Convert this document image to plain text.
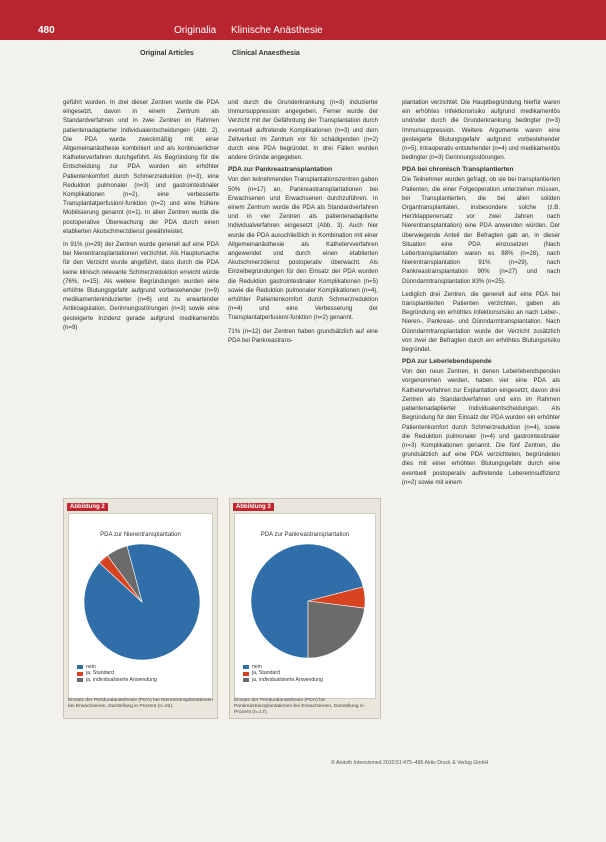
480	Originalia Klinische Anästhesie
Original Articles	Clinical Anaesthesia

geführt wurden. In drei dieser Zentren wurde die PDA eingesetzt, davon in einem Zentrum als Standardverfahren und in zwei Zentren im Rahmen patientenadaptierter Individualentscheidungen (Abb. 2). Die PDA wurde zweckmäßig mit einer Allgemeinanästhesie kombiniert und als kontinuierlicher Katheterverfahren durchgeführt. Als Begründung für die Entscheidung zur PDA wurden ein erhöhter Patientenkomfort durch Schmerzreduktion (n=3), eine Reduktion pulmonaler (n=3) und gastrointestinaler Komplikationen (n=2), eine verbesserte Transplantatperfusion/-funktion (n=2) und eine frühere Mobilisierung genannt (n=1). In allen Zentren wurde die postoperative Überwachung der PDA durch einen etablierten Akutschmerzdienst gewährleistet.

In 91% (n=29) der Zentren wurde generell auf eine PDA bei Nierentransplantationen verzichtet. Als Hauptursache für den Verzicht wurde angeführt, dass durch die PDA keine klinisch relevante Schmerzreduktion erreicht würde (76%, n=15). Als weitere Begründungen wurden eine erhöhte Blutungsgefahr aufgrund vorbestehender (n=9) medikamenteninduzierter (n=6) und zu erwartender Antikoagulation, Gerinnungsstörungen (n=3) sowie eine gesteigerte Inzidenz gerade aufgrund medikamentös (n=9)

und durch die Grunderkrankung (n=3) induzierter Immunsuppression angegeben. Ferner wurde der Verzicht mit der Gefährdung der Transplantation durch eventuell auftretende Komplikationen (n=3) und dem Zeitverlust im Zentrum vor für schädigenden (n=2) durch eine PDA begründet. In drei Fällen wurden andere Gründe angegeben.

PDA zur Pankreastransplantation

Von den teilnehmenden Transplantationszentren gaben 50% (n=17) an, Pankreastransplantationen bei Erwachsenen und Erwachsenen durchzuführen. In einem Zentrum wurde die PDA als Standardverfahren und in vier Zentren als patientenadaptierte Individualverfahren eingesetzt (Abb. 3). Auch hier wurde die PDA ausschließlich in Kombination mit einer Allgemeinanästhesie als Kathetervverfahren angewendet und durch einen etablierten Akutschmerzdienst postoperativ überwacht. Als Einzelbegründungen für den Einsatz der PDA wurden die Reduktion gastrointestinaler Komplikationen (n=5) sowie die Reduktion pulmonaler Komplikationen (n=4), erhöhter Patientenkomfort durch Schmerzreduktion (n=4) und eine Verbesserung der Transplantatperfusion/-funktion (n=2) genannt.

71% (n=12) der Zentren haben grundsätzlich auf eine PDA bei Pankreastrans-

plantation verzichtet. Die Hauptbegründung hierfür waren ein erhöhtes Infektionsrisiko aufgrund medikamentös und/oder durch die Grunderkrankung bedingter (n=3) Immunsuppression. Weitere Argumente waren eine gesteigerte Blutungsgefahr aufgrund vorbestehender (n=5), intraoperativ entstehender (n=4) und medikamentös bedingter (n=3) Gerinnungsstörungen.

PDA bei chronisch Transplantierten

Die Teilnehmer wurden gefragt, ob sie bei transplantierten Patienten, die einer Folgeoperation unterziehen müssen, bei Transplantierten, die bei allen soliden Organtransplantaten, insbesondere solche (z.B. Herzklappenersatz vor zwei Jahren nach Nierentransplantation) eine PDA anwenden würden. Der überwiegende Anteil der Befragten gab an, in dieser Situation eine PDA einzusetzen (Nach Lebertransplantation waren es 88% (n=28), nach Nierentransplantation 91% (n=29), nach Pankreastransplantation 90% (n=27) und nach Dünndarmtransplantation 83% (n=25).

Lediglich drei Zentren, die generell auf eine PDA bei transplantierten Patienten verzichten, gaben als Begründung ein erhöhtes Infektionsrisiko an nach Leber-, Nieren-, Pankreas- und Dünndarmtransplantation. Nach Dünndarmtransplantation wurde der Verzicht zusätzlich von zwei der Befragten durch ein erhöhtes Blutungsrisiko begründet.

PDA zur Leberlebendspende

Von den neun Zentren, in denen Leberlebendspenden vorgenommen werden, haben vier eine PDA als Katheterverfahren zur Explantation eingesetzt, davon drei Zentren als Standardverfahren und eins im Rahmen patientenadaptierter Individualentscheidungen. Als Begründung für den Einsatz der PDA wurden ein erhöhter Patientenkomfort durch Schmerzreduktion (n=4), sowie die Reduktion pulmonaler (n=4) und gastrointestinaler (n=3) Komplikationen genannt. Die fünf Zentren, die grundsätzlich auf eine PDA verzichteten, begründeten dies mit einer erhöhten Blutungsgefahr durch eine eventuell postoperativ auftretende Lebererinsuffizienz (n=2) sowie mit einem

PDA zur Nierentransplantation
nein
ja, Standard
ja, individualisierte Anwendung
Abbildung 2
Einsatz der Periduralanästhesie (PDA) bei Nierentransplantationen bei Erwachsenen, Darstellung in Prozent (n=32).
PDA zur Pankreastransplantation
nein
ja, Standard
ja, individualisierte Anwendung
Abbildung 3
Einsatz der Periduralanästhesie (PDA) bei Pankreastransplantationen bei Erwachsenen, Darstellung in Prozent (n=17).
© Anästh Intensivmed 2010;51:475–485 Aktiv Druck & Verlag GmbH
